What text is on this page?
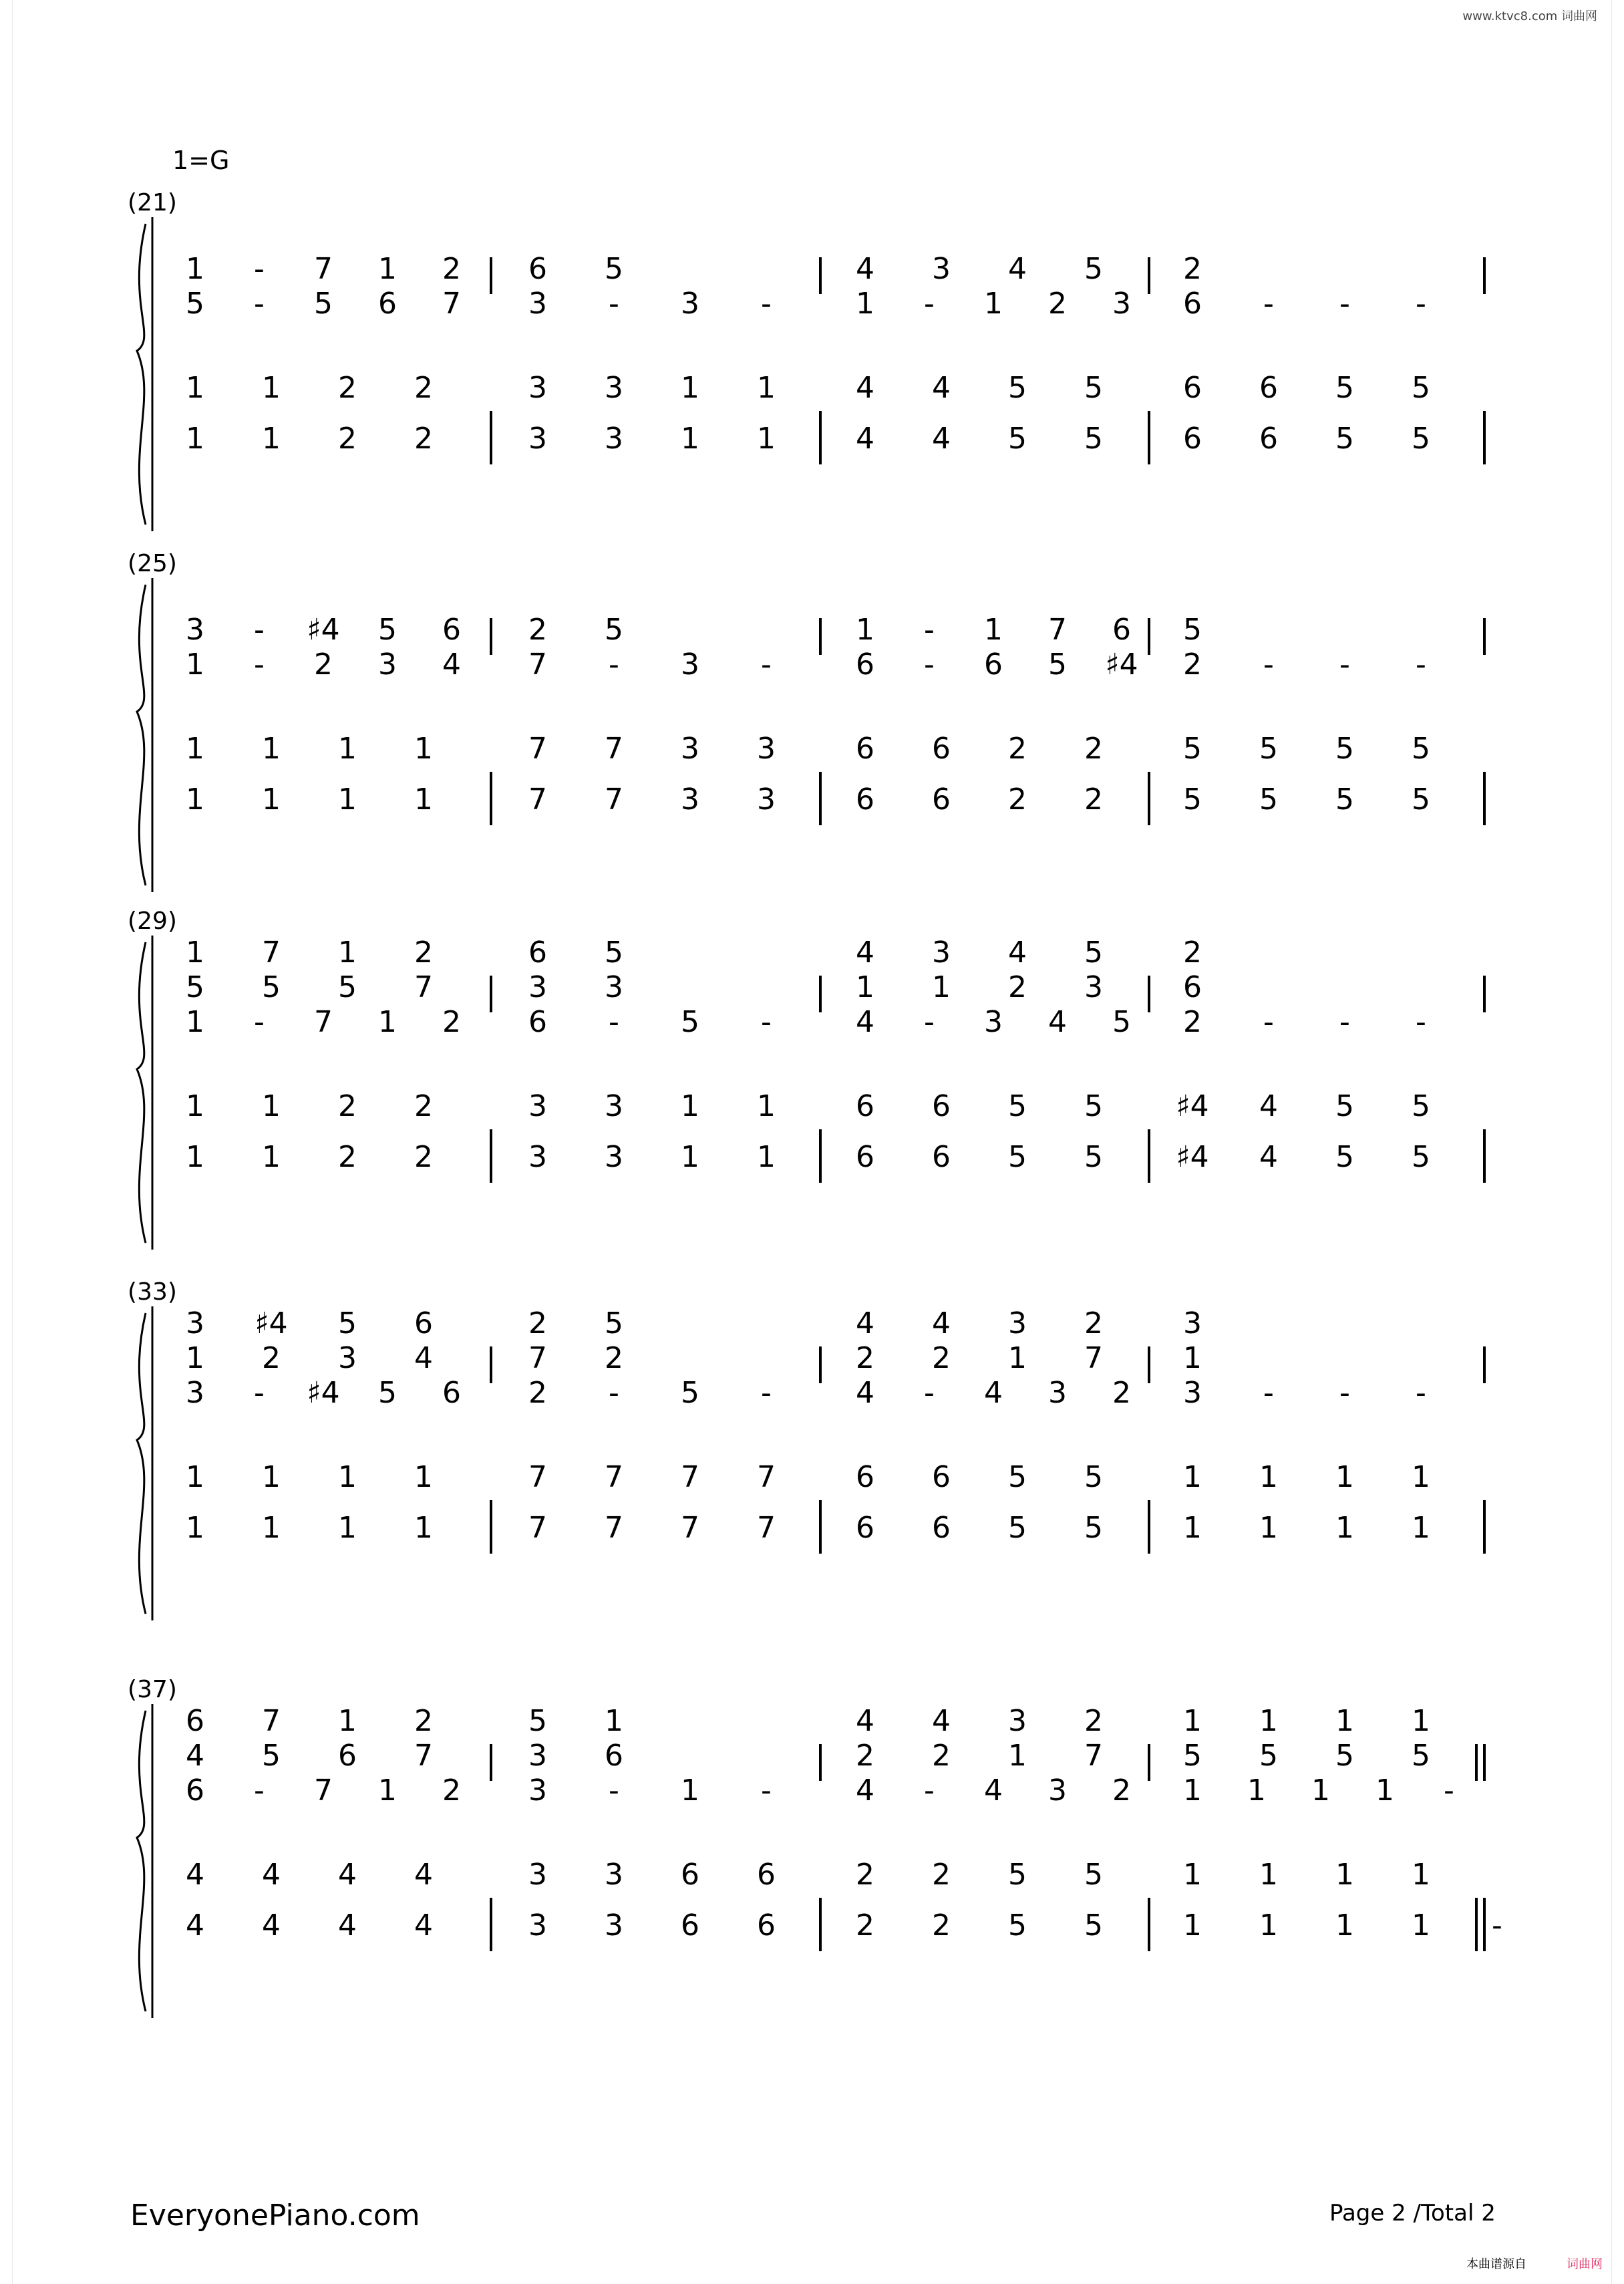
www.ktvc8.com 词曲网
1=G
(21)
1 - 7 1 2
5 - 5 6 7
1 1 2 2
1 1 2 2
6 5
3 - 3 -
3 3 1 1
3 3 1 1
4 3 4 5
1 - 1 2 3
4 4 5 5
4 4 5 5
2
6 - - -
6 6 5 5
6 6 5 5
(25)
3 - ♯4 5 6
1 - 2 3 4
1 1 1 1
1 1 1 1
2 5
7 - 3 -
7 7 3 3
7 7 3 3
1 - 1 7 6
6 - 6 5 ♯4
6 6 2 2
6 6 2 2
5
2 - - -
5 5 5 5
5 5 5 5
(29)
1 7 1 2
5 5 5 7
1 - 7 1 2
1 1 2 2
1 1 2 2
6 5
3 3
6 - 5 -
3 3 1 1
3 3 1 1
4 3 4 5
1 1 2 3
4 - 3 4 5
6 6 5 5
6 6 5 5
2
6
2 - - -
♯4 4 5 5
♯4 4 5 5
(33)
3 ♯4 5 6
1 2 3 4
3 - ♯4 5 6
1 1 1 1
1 1 1 1
2 5
7 2
2 - 5 -
7 7 7 7
7 7 7 7
4 4 3 2
2 2 1 7
4 - 4 3 2
6 6 5 5
6 6 5 5
3
1
3 - - -
1 1 1 1
1 1 1 1
(37)
6 7 1 2
4 5 6 7
6 - 7 1 2
4 4 4 4
4 4 4 4
5 1
3 6
3 - 1 -
3 3 6 6
3 3 6 6
4 4 3 2
2 2 1 7
4 - 4 3 2
2 2 5 5
2 2 5 5
1 1 1 1
5 5 5 5
1 1 1 1 -
1 1 1 1
1 1 1 1 -
EveryonePiano.com	Page 2 /Total 2
本曲谱源自	词曲网
